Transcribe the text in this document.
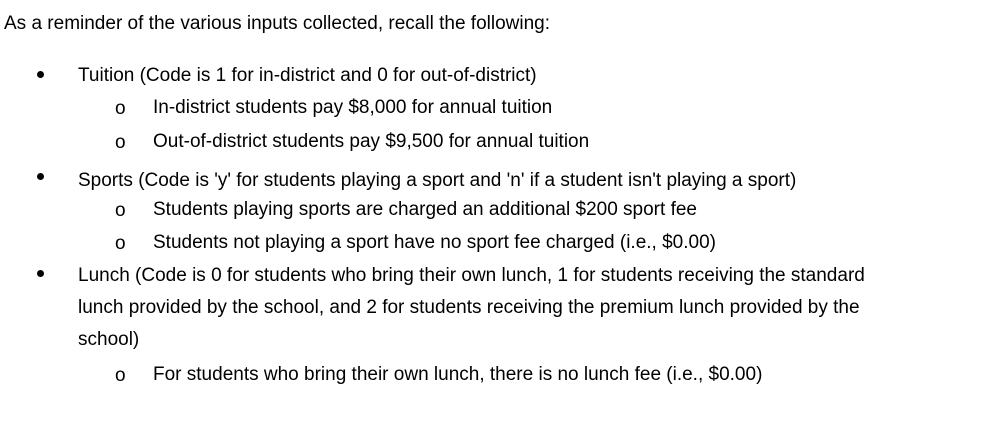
As a reminder of the various inputs collected, recall the following:
Tuition (Code is 1 for in-district and 0 for out-of-district)
o In-district students pay $8,000 for annual tuition
o Out-of-district students pay $9,500 for annual tuition
Sports (Code is 'y' for students playing a sport and 'n' if a student isn't playing a sport)
o Students playing sports are charged an additional $200 sport fee
o Students not playing a sport have no sport fee charged (i.e., $0.00)
Lunch (Code is 0 for students who bring their own lunch, 1 for students receiving the standard
lunch provided by the school, and 2 for students receiving the premium lunch provided by the
school)
o For students who bring their own lunch, there is no lunch fee (i.e., $0.00)
